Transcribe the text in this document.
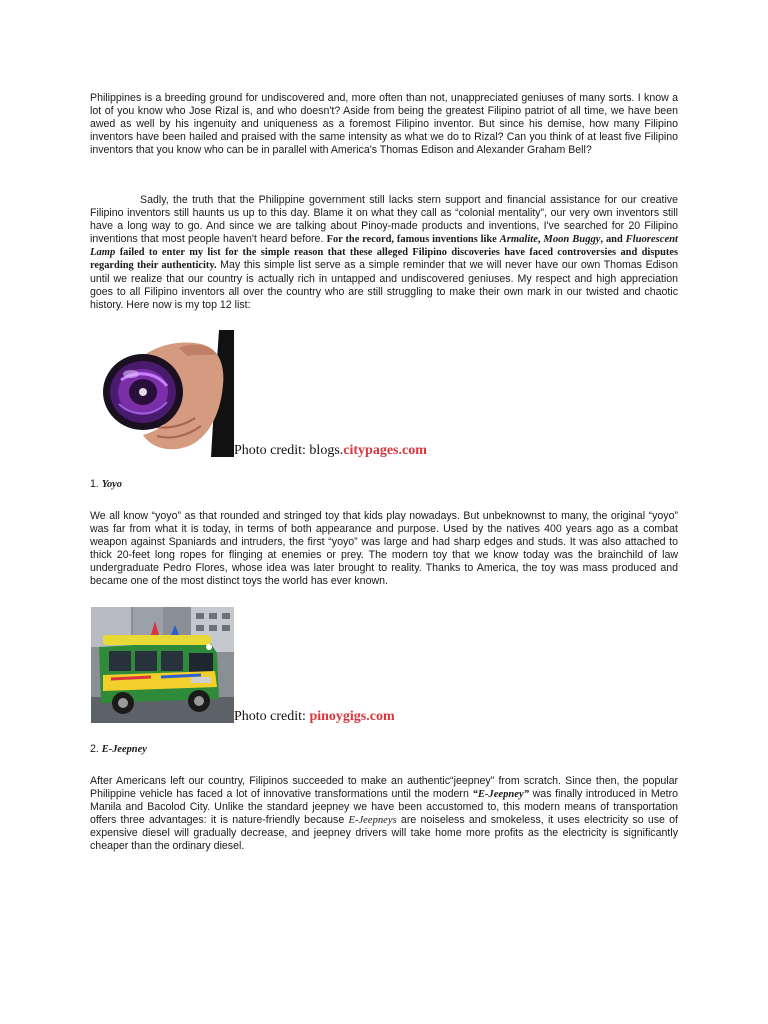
Philippines is a breeding ground for undiscovered and, more often than not, unappreciated geniuses of many sorts. I know a lot of you know who Jose Rizal is, and who doesn't? Aside from being the greatest Filipino patriot of all time, we have been awed as well by his ingenuity and uniqueness as a foremost Filipino inventor. But since his demise, how many Filipino inventors have been hailed and praised with the same intensity as what we do to Rizal? Can you think of at least five Filipino inventors that you know who can be in parallel with America's Thomas Edison and Alexander Graham Bell?

Sadly, the truth that the Philippine government still lacks stern support and financial assistance for our creative Filipino inventors still haunts us up to this day. Blame it on what they call as “colonial mentality”, our very own inventors still have a long way to go. And since we are talking about Pinoy-made products and inventions, I've searched for 20 Filipino inventions that most people haven't heard before. For the record, famous inventions like Armalite, Moon Buggy, and Fluorescent Lamp failed to enter my list for the simple reason that these alleged Filipino discoveries have faced controversies and disputes regarding their authenticity. May this simple list serve as a simple reminder that we will never have our own Thomas Edison until we realize that our country is actually rich in untapped and undiscovered geniuses. My respect and high appreciation goes to all Filipino inventors all over the country who are still struggling to make their own mark in our twisted and chaotic history. Here now is my top 12 list:

Photo credit: blogs.citypages.com
1. Yoyo

We all know “yoyo” as that rounded and stringed toy that kids play nowadays. But unbeknownst to many, the original “yoyo” was far from what it is today, in terms of both appearance and purpose. Used by the natives 400 years ago as a combat weapon against Spaniards and intruders, the first “yoyo” was large and had sharp edges and studs. It was also attached to thick 20-feet long ropes for flinging at enemies or prey. The modern toy that we know today was the brainchild of law undergraduate Pedro Flores, whose idea was later brought to reality. Thanks to America, the toy was mass produced and became one of the most distinct toys the world has ever known.

Photo credit: pinoygigs.com
2. E-Jeepney

After Americans left our country, Filipinos succeeded to make an authentic“jeepney” from scratch. Since then, the popular Philippine vehicle has faced a lot of innovative transformations until the modern “E-Jeepney” was finally introduced in Metro Manila and Bacolod City. Unlike the standard jeepney we have been accustomed to, this modern means of transportation offers three advantages: it is nature-friendly because E-Jeepneys are noiseless and smokeless, it uses electricity so use of expensive diesel will gradually decrease, and jeepney drivers will take home more profits as the electricity is significantly cheaper than the ordinary diesel.
